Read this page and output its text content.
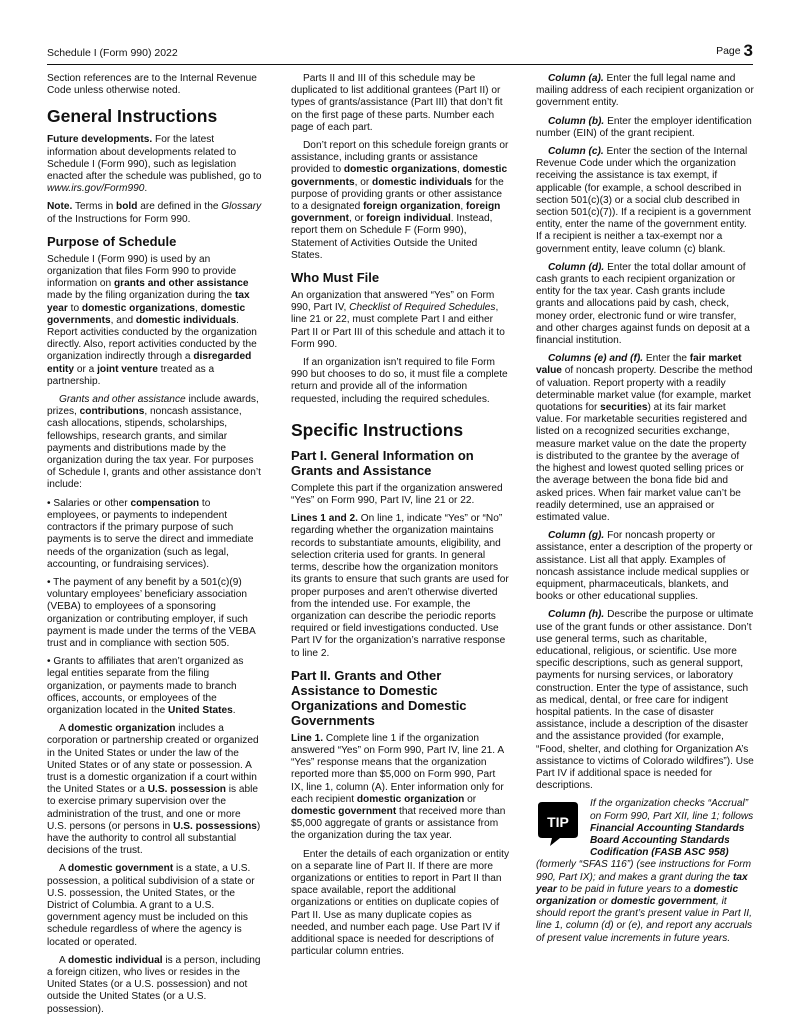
Schedule I (Form 990) 2022	Page 3

Section references are to the Internal Revenue Code unless otherwise noted.

General Instructions

Future developments. For the latest information about developments related to Schedule I (Form 990), such as legislation enacted after the schedule was published, go to www.irs.gov/Form990.

Note. Terms in bold are defined in the Glossary of the Instructions for Form 990.

Purpose of Schedule

Schedule I (Form 990) is used by an organization that files Form 990 to provide information on grants and other assistance made by the filing organization during the tax year to domestic organizations, domestic governments, and domestic individuals. Report activities conducted by the organization directly. Also, report activities conducted by the organization indirectly through a disregarded entity or a joint venture treated as a partnership.

Grants and other assistance include awards, prizes, contributions, noncash assistance, cash allocations, stipends, scholarships, fellowships, research grants, and similar payments and distributions made by the organization during the tax year. For purposes of Schedule I, grants and other assistance don’t include:

• Salaries or other compensation to employees, or payments to independent contractors if the primary purpose of such payments is to serve the direct and immediate needs of the organization (such as legal, accounting, or fundraising services).

• The payment of any benefit by a 501(c)(9) voluntary employees’ beneficiary association (VEBA) to employees of a sponsoring organization or contributing employer, if such payment is made under the terms of the VEBA trust and in compliance with section 505.

• Grants to affiliates that aren’t organized as legal entities separate from the filing organization, or payments made to branch offices, accounts, or employees of the organization located in the United States.

A domestic organization includes a corporation or partnership created or organized in the United States or under the law of the United States or of any state or possession. A trust is a domestic organization if a court within the United States or a U.S. possession is able to exercise primary supervision over the administration of the trust, and one or more U.S. persons (or persons in U.S. possessions) have the authority to control all substantial decisions of the trust.

A domestic government is a state, a U.S. possession, a political subdivision of a state or U.S. possession, the United States, or the District of Columbia. A grant to a U.S. government agency must be included on this schedule regardless of where the agency is located or operated.

A domestic individual is a person, including a foreign citizen, who lives or resides in the United States (or a U.S. possession) and not outside the United States (or a U.S. possession).

Parts II and III of this schedule may be duplicated to list additional grantees (Part II) or types of grants/assistance (Part III) that don’t fit on the first page of these parts. Number each page of each part.

Don’t report on this schedule foreign grants or assistance, including grants or assistance provided to domestic organizations, domestic governments, or domestic individuals for the purpose of providing grants or other assistance to a designated foreign organization, foreign government, or foreign individual. Instead, report them on Schedule F (Form 990), Statement of Activities Outside the United States.

Who Must File

An organization that answered “Yes” on Form 990, Part IV, Checklist of Required Schedules, line 21 or 22, must complete Part I and either Part II or Part III of this schedule and attach it to Form 990.

If an organization isn’t required to file Form 990 but chooses to do so, it must file a complete return and provide all of the information requested, including the required schedules.

Specific Instructions
Part I. General Information on Grants and Assistance

Complete this part if the organization answered “Yes” on Form 990, Part IV, line 21 or 22.

Lines 1 and 2. On line 1, indicate “Yes” or “No” regarding whether the organization maintains records to substantiate amounts, eligibility, and selection criteria used for grants. In general terms, describe how the organization monitors its grants to ensure that such grants are used for proper purposes and aren’t otherwise diverted from the intended use. For example, the organization can describe the periodic reports required or field investigations conducted. Use Part IV for the organization’s narrative response to line 2.

Part II. Grants and Other Assistance to Domestic Organizations and Domestic Governments

Line 1. Complete line 1 if the organization answered “Yes” on Form 990, Part IV, line 21. A “Yes” response means that the organization reported more than $5,000 on Form 990, Part IX, line 1, column (A). Enter information only for each recipient domestic organization or domestic government that received more than $5,000 aggregate of grants or assistance from the organization during the tax year.

Enter the details of each organization or entity on a separate line of Part II. If there are more organizations or entities to report in Part II than space available, report the additional organizations or entities on duplicate copies of Part II. Use as many duplicate copies as needed, and number each page. Use Part IV if additional space is needed for descriptions of particular column entries.

Column (a). Enter the full legal name and mailing address of each recipient organization or government entity.

Column (b). Enter the employer identification number (EIN) of the grant recipient.

Column (c). Enter the section of the Internal Revenue Code under which the organization receiving the assistance is tax exempt, if applicable (for example, a school described in section 501(c)(3) or a social club described in section 501(c)(7)). If a recipient is a government entity, enter the name of the government entity. If a recipient is neither a tax-exempt nor a government entity, leave column (c) blank.

Column (d). Enter the total dollar amount of cash grants to each recipient organization or entity for the tax year. Cash grants include grants and allocations paid by cash, check, money order, electronic fund or wire transfer, and other charges against funds on deposit at a financial institution.

Columns (e) and (f). Enter the fair market value of noncash property. Describe the method of valuation. Report property with a readily determinable market value (for example, market quotations for securities) at its fair market value. For marketable securities registered and listed on a recognized securities exchange, measure market value on the date the property is distributed to the grantee by the average of the highest and lowest quoted selling prices or the average between the bona fide bid and asked prices. When fair market value can’t be readily determined, use an appraised or estimated value.

Column (g). For noncash property or assistance, enter a description of the property or assistance. List all that apply. Examples of noncash assistance include medical supplies or equipment, pharmaceuticals, blankets, and books or other educational supplies.

Column (h). Describe the purpose or ultimate use of the grant funds or other assistance. Don’t use general terms, such as charitable, educational, religious, or scientific. Use more specific descriptions, such as general support, payments for nursing services, or laboratory construction. Enter the type of assistance, such as medical, dental, or free care for indigent hospital patients. In the case of disaster assistance, include a description of the disaster and the assistance provided (for example, “Food, shelter, and clothing for Organization A’s assistance to victims of Colorado wildfires”). Use Part IV if additional space is needed for descriptions.

TIP
If the organization checks “Accrual” on Form 990, Part XII, line 1; follows Financial Accounting Standards Board Accounting Standards Codification (FASB ASC 958) (formerly “SFAS 116”) (see instructions for Form 990, Part IX); and makes a grant during the tax year to be paid in future years to a domestic organization or domestic government, it should report the grant’s present value in Part II, line 1, column (d) or (e), and report any accruals of present value increments in future years.
